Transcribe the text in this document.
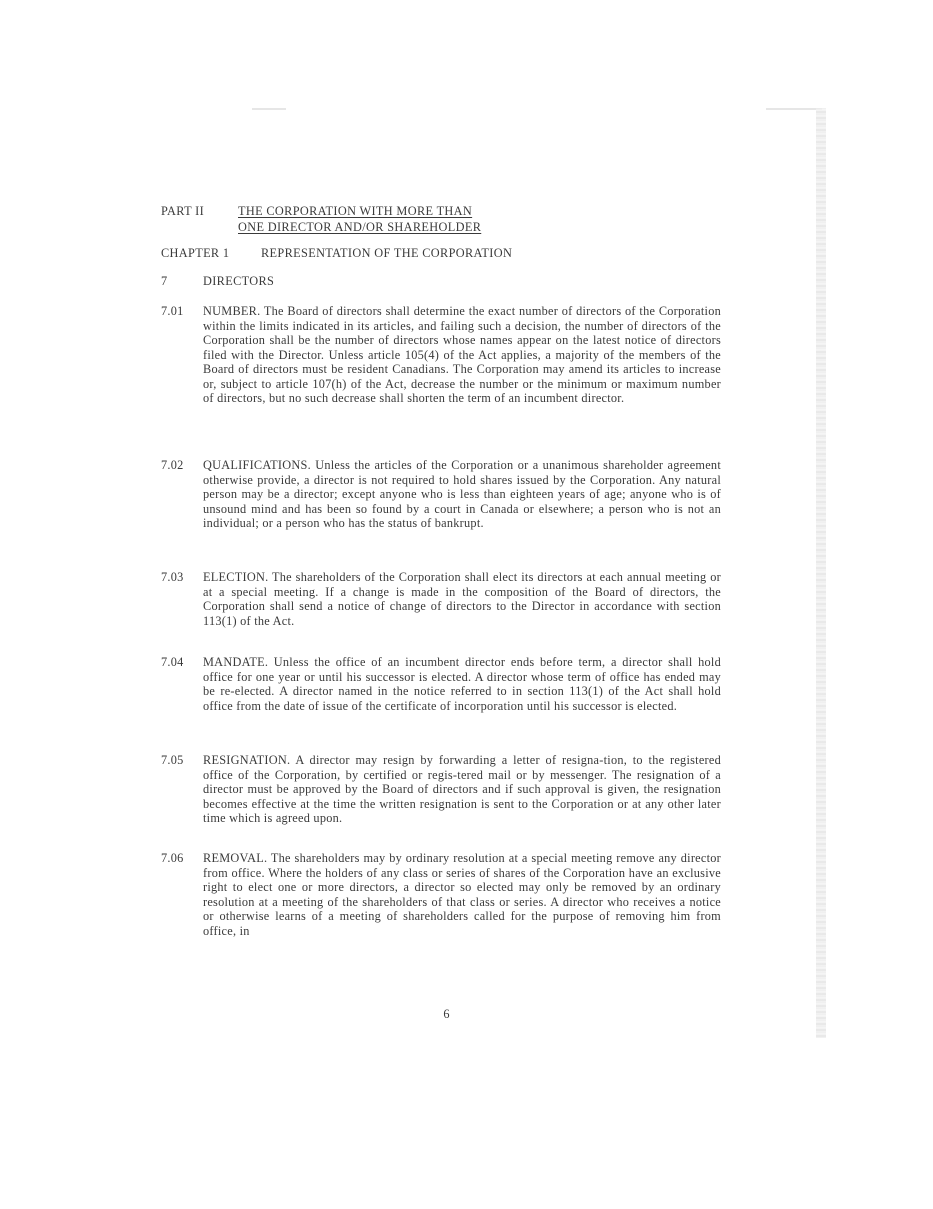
PART II	THE CORPORATION WITH MORE THAN
ONE DIRECTOR AND/OR SHAREHOLDER
CHAPTER 1	REPRESENTATION OF THE CORPORATION
7	DIRECTORS
7.01	NUMBER. The Board of directors shall determine the exact number of directors of the Corporation within the limits indicated in its articles, and failing such a decision, the number of directors of the Corporation shall be the number of directors whose names appear on the latest notice of directors filed with the Director. Unless article 105(4) of the Act applies, a majority of the members of the Board of directors must be resident Canadians. The Corporation may amend its articles to increase or, subject to article 107(h) of the Act, decrease the number or the minimum or maximum number of directors, but no such decrease shall shorten the term of an incumbent director.
7.02	QUALIFICATIONS. Unless the articles of the Corporation or a unanimous shareholder agreement otherwise provide, a director is not required to hold shares issued by the Corporation. Any natural person may be a director; except anyone who is less than eighteen years of age; anyone who is of unsound mind and has been so found by a court in Canada or elsewhere; a person who is not an individual; or a person who has the status of bankrupt.
7.03	ELECTION. The shareholders of the Corporation shall elect its directors at each annual meeting or at a special meeting. If a change is made in the composition of the Board of directors, the Corporation shall send a notice of change of directors to the Director in accordance with section 113(1) of the Act.
7.04	MANDATE. Unless the office of an incumbent director ends before term, a director shall hold office for one year or until his successor is elected. A director whose term of office has ended may be re-elected. A director named in the notice referred to in section 113(1) of the Act shall hold office from the date of issue of the certificate of incorporation until his successor is elected.
7.05	RESIGNATION. A director may resign by forwarding a letter of resigna-tion, to the registered office of the Corporation, by certified or regis-tered mail or by messenger. The resignation of a director must be approved by the Board of directors and if such approval is given, the resignation becomes effective at the time the written resignation is sent to the Corporation or at any other later time which is agreed upon.
7.06	REMOVAL. The shareholders may by ordinary resolution at a special meeting remove any director from office. Where the holders of any class or series of shares of the Corporation have an exclusive right to elect one or more directors, a director so elected may only be removed by an ordinary resolution at a meeting of the shareholders of that class or series. A director who receives a notice or otherwise learns of a meeting of shareholders called for the purpose of removing him from office, in
6
